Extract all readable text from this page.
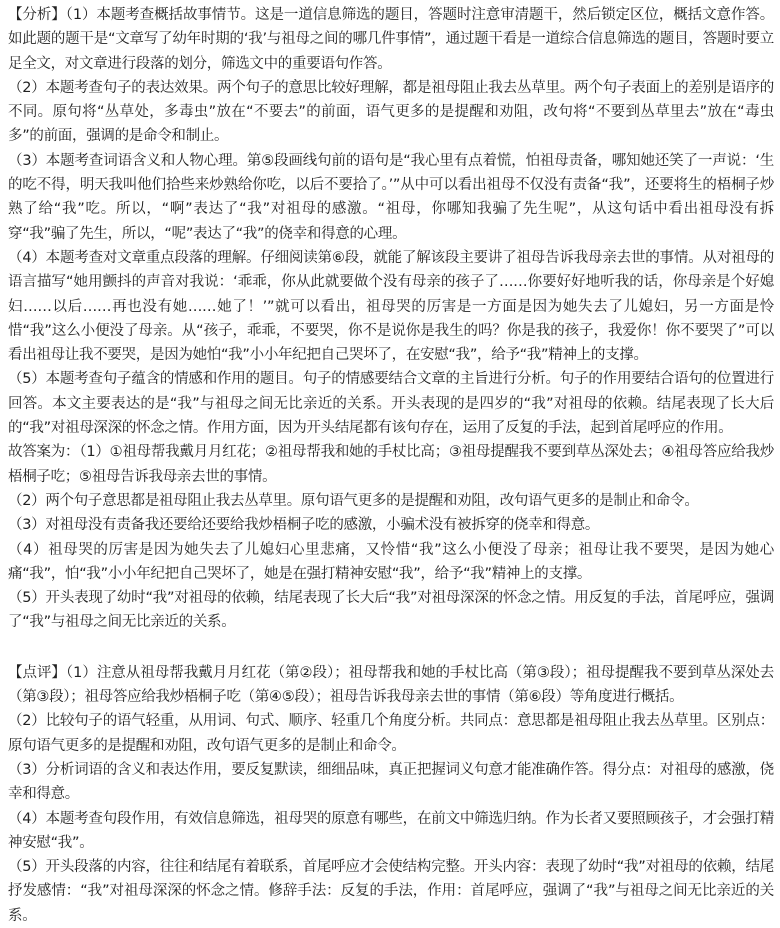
【分析】（1）本题考查概括故事情节。这是一道信息筛选的题目，答题时注意审清题干，然后锁定区位，概括文意作答。如此题的题干是“文章写了幼年时期的‘我’与祖母之间的哪几件事情”，通过题干看是一道综合信息筛选的题目，答题时要立足全文，对文章进行段落的划分，筛选文中的重要语句作答。

（2）本题考查句子的表达效果。两个句子的意思比较好理解，都是祖母阻止我去丛草里。两个句子表面上的差别是语序的不同。原句将“丛草处，多毒虫”放在“不要去”的前面，语气更多的是提醒和劝阻，改句将“不要到丛草里去”放在“毒虫多”的前面，强调的是命令和制止。

（3）本题考查词语含义和人物心理。第⑤段画线句前的语句是“我心里有点着慌，怕祖母责备，哪知她还笑了一声说：‘生的吃不得，明天我叫他们拾些来炒熟给你吃，以后不要拾了。’”从中可以看出祖母不仅没有责备“我”，还要将生的梧桐子炒熟了给“我”吃。所以，“啊”表达了“我”对祖母的感激。“祖母，你哪知我骗了先生呢”，从这句话中看出祖母没有拆穿“我”骗了先生，所以，“呢”表达了“我”的侥幸和得意的心理。

（4）本题考查对文章重点段落的理解。仔细阅读第⑥段，就能了解该段主要讲了祖母告诉我母亲去世的事情。从对祖母的语言描写“她用颤抖的声音对我说：‘乖乖，你从此就要做个没有母亲的孩子了……你要好好地听我的话，你母亲是个好媳妇……以后……再也没有她……她了！’”就可以看出，祖母哭的厉害是一方面是因为她失去了儿媳妇，另一方面是怜惜“我”这么小便没了母亲。从“孩子，乖乖，不要哭，你不是说你是我生的吗？你是我的孩子，我爱你！你不要哭了”可以看出祖母让我不要哭，是因为她怕“我”小小年纪把自己哭坏了，在安慰“我”，给予“我”精神上的支撑。

（5）本题考查句子蕴含的情感和作用的题目。句子的情感要结合文章的主旨进行分析。句子的作用要结合语句的位置进行回答。本文主要表达的是“我”与祖母之间无比亲近的关系。开头表现的是四岁的“我”对祖母的依赖。结尾表现了长大后的“我”对祖母深深的怀念之情。作用方面，因为开头结尾都有该句存在，运用了反复的手法，起到首尾呼应的作用。

故答案为：（1）①祖母帮我戴月月红花；②祖母帮我和她的手杖比高；③祖母提醒我不要到草丛深处去；④祖母答应给我炒梧桐子吃；⑤祖母告诉我母亲去世的事情。

（2）两个句子意思都是祖母阻止我去丛草里。原句语气更多的是提醒和劝阻，改句语气更多的是制止和命令。

（3）对祖母没有责备我还要给还要给我炒梧桐子吃的感激，小骗术没有被拆穿的侥幸和得意。

（4）祖母哭的厉害是因为她失去了儿媳妇心里悲痛，又怜惜“我”这么小便没了母亲；祖母让我不要哭，是因为她心痛“我”，怕“我”小小年纪把自己哭坏了，她是在强打精神安慰“我”，给予“我”精神上的支撑。

（5）开头表现了幼时“我”对祖母的依赖，结尾表现了长大后“我”对祖母深深的怀念之情。用反复的手法，首尾呼应，强调了“我”与祖母之间无比亲近的关系。

【点评】（1）注意从祖母帮我戴月月红花（第②段）；祖母帮我和她的手杖比高（第③段）；祖母提醒我不要到草丛深处去（第③段）；祖母答应给我炒梧桐子吃（第④⑤段）；祖母告诉我母亲去世的事情（第⑥段）等角度进行概括。

（2）比较句子的语气轻重，从用词、句式、顺序、轻重几个角度分析。共同点：意思都是祖母阻止我去丛草里。区别点：原句语气更多的是提醒和劝阻，改句语气更多的是制止和命令。

（3）分析词语的含义和表达作用，要反复默读，细细品味，真正把握词义句意才能准确作答。得分点：对祖母的感激，侥幸和得意。

（4）本题考查句段作用，有效信息筛选，祖母哭的原意有哪些，在前文中筛选归纳。作为长者又要照顾孩子，才会强打精神安慰“我”。

（5）开头段落的内容，往往和结尾有着联系，首尾呼应才会使结构完整。开头内容：表现了幼时“我”对祖母的依赖，结尾抒发感情：“我”对祖母深深的怀念之情。修辞手法：反复的手法，作用：首尾呼应，强调了“我”与祖母之间无比亲近的关系。
